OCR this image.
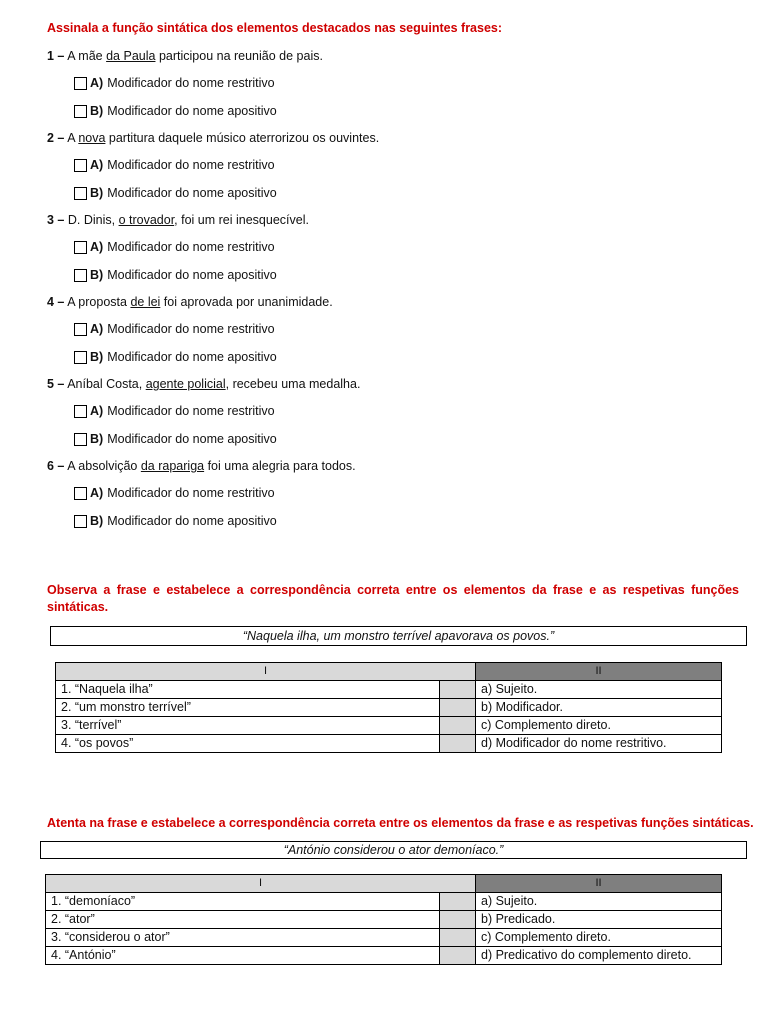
Assinala a função sintática dos elementos destacados nas seguintes frases:
1 – A mãe da Paula participou na reunião de pais.
A) Modificador do nome restritivo
B) Modificador do nome apositivo
2 – A nova partitura daquele músico aterrorizou os ouvintes.
A) Modificador do nome restritivo
B) Modificador do nome apositivo
3 – D. Dinis, o trovador, foi um rei inesquecível.
A) Modificador do nome restritivo
B) Modificador do nome apositivo
4 – A proposta de lei foi aprovada por unanimidade.
A) Modificador do nome restritivo
B) Modificador do nome apositivo
5 – Aníbal Costa, agente policial, recebeu uma medalha.
A) Modificador do nome restritivo
B) Modificador do nome apositivo
6 – A absolvição da rapariga foi uma alegria para todos.
A) Modificador do nome restritivo
B) Modificador do nome apositivo
Observa a frase e estabelece a correspondência correta entre os elementos da frase e as respetivas funções sintáticas.
“Naquela ilha, um monstro terrível apavorava os povos.”
I		II
1. “Naquela ilha”		a) Sujeito.
2. “um monstro terrível”		b) Modificador.
3. “terrível”		c) Complemento direto.
4. “os povos”		d) Modificador do nome restritivo.
Atenta na frase e estabelece a correspondência correta entre os elementos da frase e as respetivas funções sintáticas.
“António considerou o ator demoníaco.”
I		II
1. “demoníaco”		a) Sujeito.
2. “ator”		b) Predicado.
3. “considerou o ator”		c) Complemento direto.
4. “António”		d) Predicativo do complemento direto.
